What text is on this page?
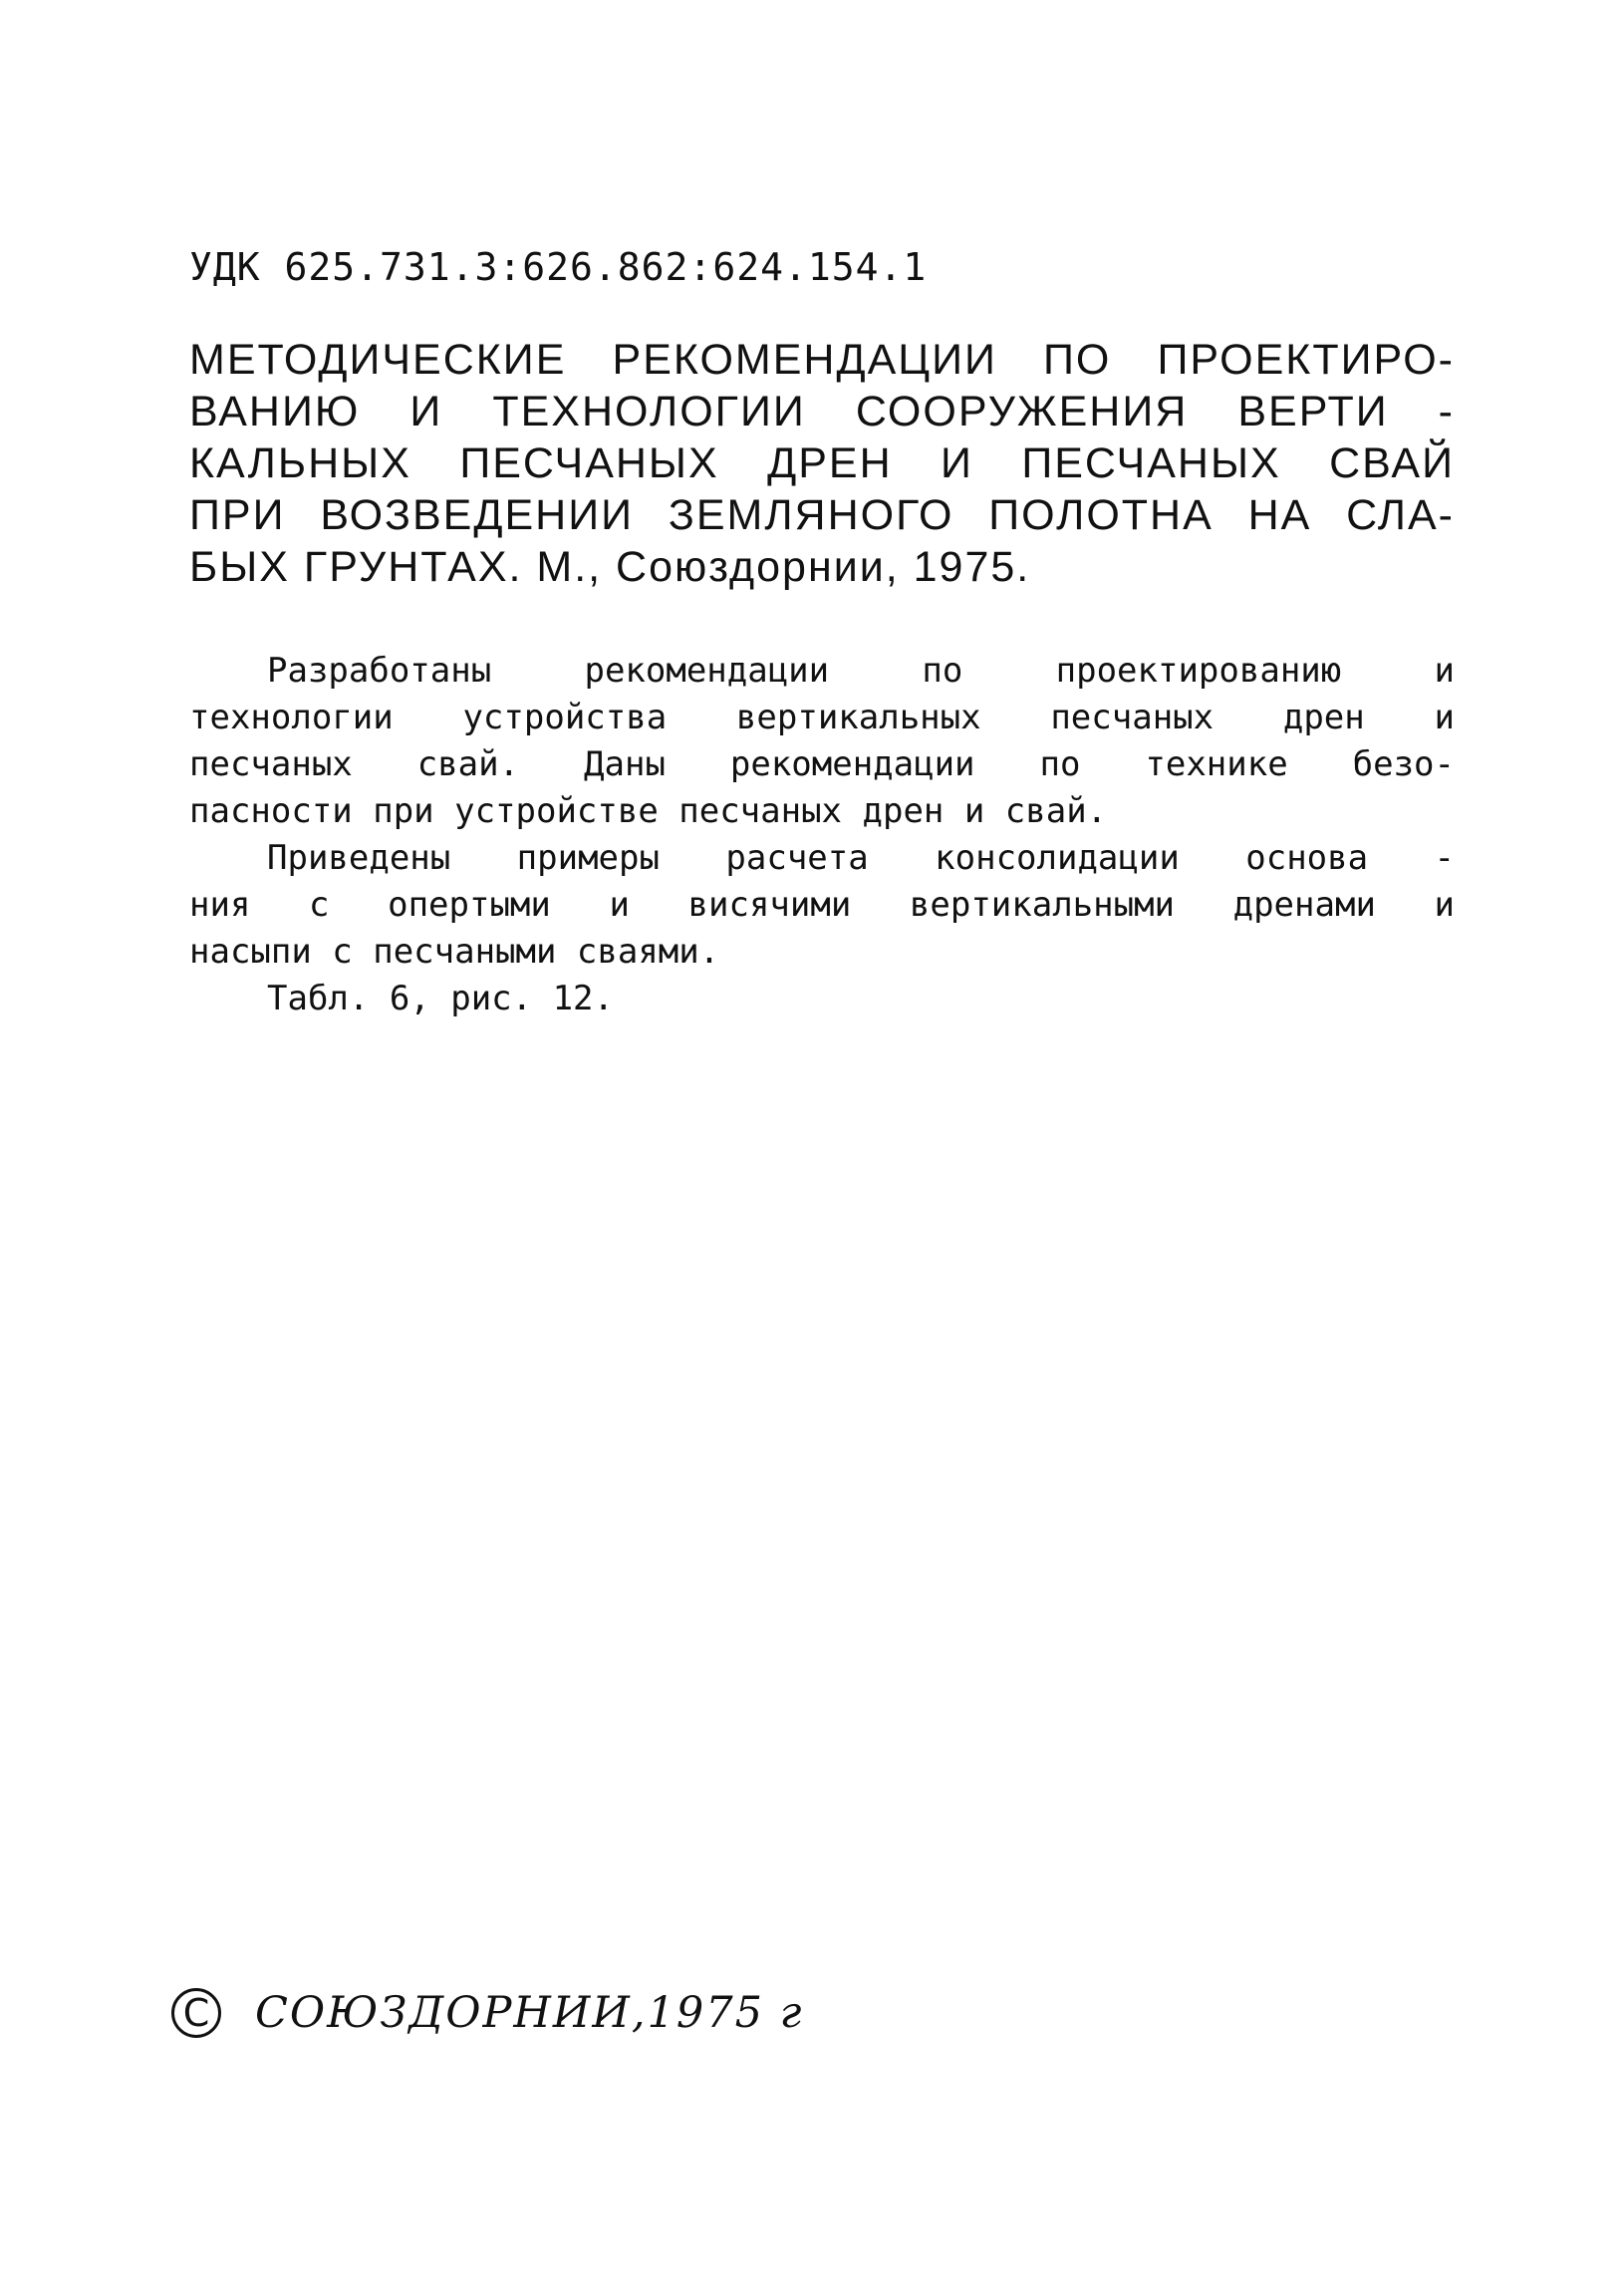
УДК 625.731.3:626.862:624.154.1
МЕТОДИЧЕСКИЕ РЕКОМЕНДАЦИИ ПО ПРОЕКТИРО-
ВАНИЮ И ТЕХНОЛОГИИ СООРУЖЕНИЯ ВЕРТИ -
КАЛЬНЫХ ПЕСЧАНЫХ ДРЕН И ПЕСЧАНЫХ СВАЙ
ПРИ ВОЗВЕДЕНИИ ЗЕМЛЯНОГО ПОЛОТНА НА СЛА-
БЫХ ГРУНТАХ. М., Союздорнии, 1975.
Разработаны рекомендации по проектированию и
технологии устройства вертикальных песчаных дрен и
песчаных свай. Даны рекомендации по технике безо-
пасности при устройстве песчаных дрен и свай.
Приведены примеры расчета консолидации основа -
ния с опертыми и висячими вертикальными дренами и
насыпи с песчаными сваями.
Табл. 6, рис. 12.
C СОЮЗДОРНИИ,1975 г
